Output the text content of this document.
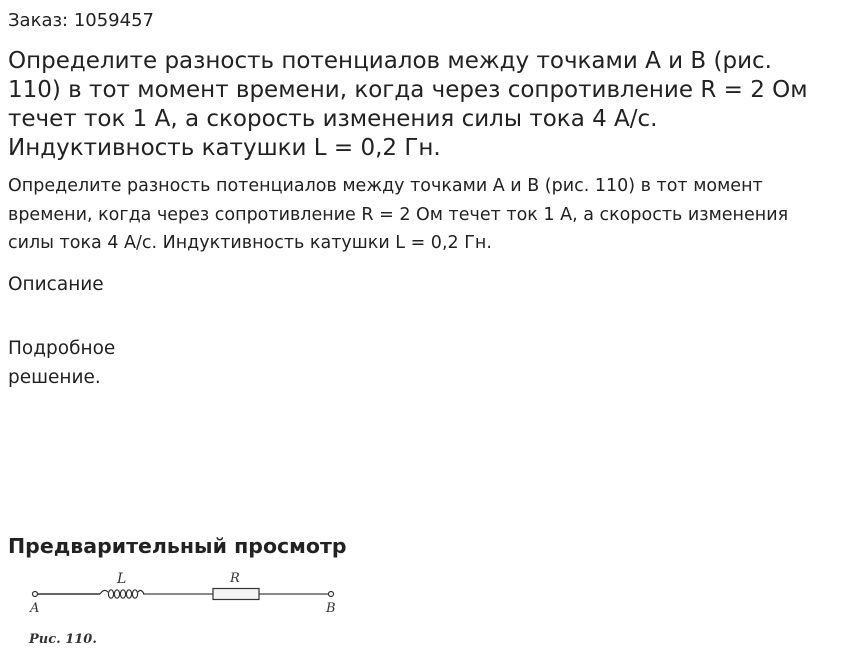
Заказ: 1059457
Определите разность потенциалов между точками A и B (рис. 110) в тот момент времени, когда через сопротивление R = 2 Ом течет ток 1 A, а скорость изменения силы тока 4 A/с. Индуктивность катушки L = 0,2 Гн.

Определите разность потенциалов между точками A и B (рис. 110) в тот момент времени, когда через сопротивление R = 2 Ом течет ток 1 A, а скорость изменения силы тока 4 A/с. Индуктивность катушки L = 0,2 Гн.

Описание

Подробное решение.

Предварительный просмотр
L	R
A	B
Рис. 110.
